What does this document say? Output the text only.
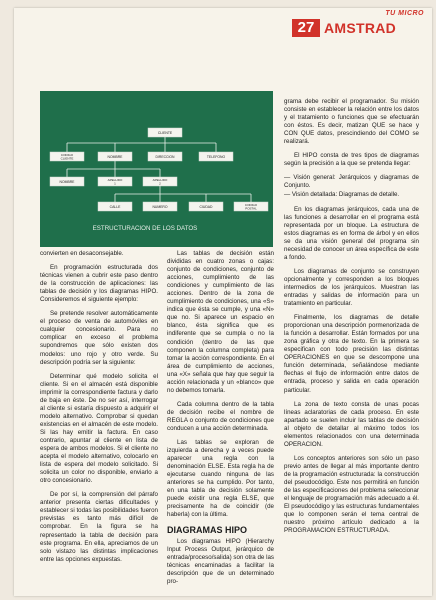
TU MICRO
27 AMSTRAD
CLIENTE
CODIGO
CLIENTE	NOMBRE	DIRECCION	TELEFONO
NOMBRE
APELLIDO
1
APELLIDO
2
CALLE	NUMERO	CIUDAD
CODIGO
POSTAL
ESTRUCTURACION DE LOS DATOS

convierten en desaconsejable.

En programación estructurada dos técnicas vienen a cubrir este paso dentro de la construcción de aplicaciones: las tablas de decisión y los diagramas HIPO. Consideremos el siguiente ejemplo:

Se pretende resolver automáticamente el proceso de venta de automóviles en cualquier concesionario. Para no complicar en exceso el problema supondremos que sólo existen dos modelos: uno rojo y otro verde. Su descripción podría ser la siguiente:

Determinar qué modelo solicita el cliente. Si en el almacén está disponible imprimir la correspondiente factura y darlo de baja en éste. De no ser así, interrogar al cliente si estaría dispuesto a adquirir el modelo alternativo. Comprobar si quedan existencias en el almacén de este modelo. Si las hay emitir la factura. En caso contrario, apuntar al cliente en lista de espera de ambos modelos. Si el cliente no acepta el modelo alternativo, colocarlo en lista de espera del modelo solicitado. Si solicita un color no disponible, enviarlo a otro concesionario.

De por sí, la comprensión del párrafo anterior presenta ciertas dificultades y establecer si todas las posibilidades fueron previstas es tanto más difícil de comprobar. En la figura se ha representado la tabla de decisión para este programa. En ella, apreciamos de un solo vistazo las distintas implicaciones entre las opciones expuestas.

Las tablas de decisión están divididas en cuatro zonas o cajas: conjunto de condiciones, conjunto de acciones, cumplimiento de las condiciones y cumplimiento de las acciones. Dentro de la zona de cumplimiento de condiciones, una «S» indica que ésta se cumple, y una «N» que no. Si aparece un espacio en blanco, ésta significa que es indiferente que se cumpla o no la condición (dentro de las que componen la columna completa) para tomar la acción correspondiente. En el área de cumplimiento de acciones, una «X» señala que hay que seguir la acción relacionada y un «blanco» que no debemos tomarla.

Cada columna dentro de la tabla de decisión recibe el nombre de REGLA o conjunto de condiciones que conducen a una acción determinada.

Las tablas se exploran de izquierda a derecha y a veces puede aparecer una regla con la denominación ELSE. Esta regla ha de ejecutarse cuando ninguna de las anteriores se ha cumplido. Por tanto, en una tabla de decisión solamente puede existir una regla ELSE, que precisamente ha de coincidir (de haberla) con la última.

DIAGRAMAS HIPO

Los diagramas HIPO (Hierarchy Input Process Output, jerárquico de entrada/proceso/salida) son otra de las técnicas encaminadas a facilitar la descripción que de un determinado pro-

grama debe recibir el programador. Su misión consiste en establecer la relación entre los datos y el tratamiento o funciones que se efectuarán con éstos. Es decir, matizan QUE se hace y CON QUE datos, prescindiendo del COMO se realizará.

El HIPO consta de tres tipos de diagramas según la precisión a la que se pretenda llegar:

— Visión general: Jerárquicos y diagramas de Conjunto.

— Visión detallada: Diagramas de detalle.

En los diagramas jerárquicos, cada una de las funciones a desarrollar en el programa está representada por un bloque. La estructura de estos diagramas es en forma de árbol y en ellos se da una visión general del programa sin necesidad de conocer un área específica de este a fondo.

Los diagramas de conjunto se construyen opcionalmente y corresponden a los bloques intermedios de los jerárquicos. Muestran las entradas y salidas de información para un tratamiento en particular.

Finalmente, los diagramas de detalle proporcionan una descripción pormenorizada de la función a desarrollar. Están formados por una zona gráfica y otra de texto. En la primera se especifican con todo precisión las distintas OPERACIONES en que se descompone una función determinada, señalándose mediante flechas el flujo de información entre datos de entrada, proceso y salida en cada operación particular.

La zona de texto consta de unas pocas líneas aclaratorias de cada proceso. En este apartado se suelen incluir las tablas de decisión al objeto de detallar al máximo todos los elementos relacionados con una determinada OPERACION.

Los conceptos anteriores son sólo un paso previo antes de llegar al más importante dentro de la programación estructurada: la construcción del pseudocódigo. Este nos permitirá en función de las especificaciones del problema seleccionar el lenguaje de programación más adecuado a él. El pseudocódigo y las estructuras fundamentales que lo componen serán el tema central de nuestro próximo artículo dedicado a la PROGRAMACION ESTRUCTURADA.
